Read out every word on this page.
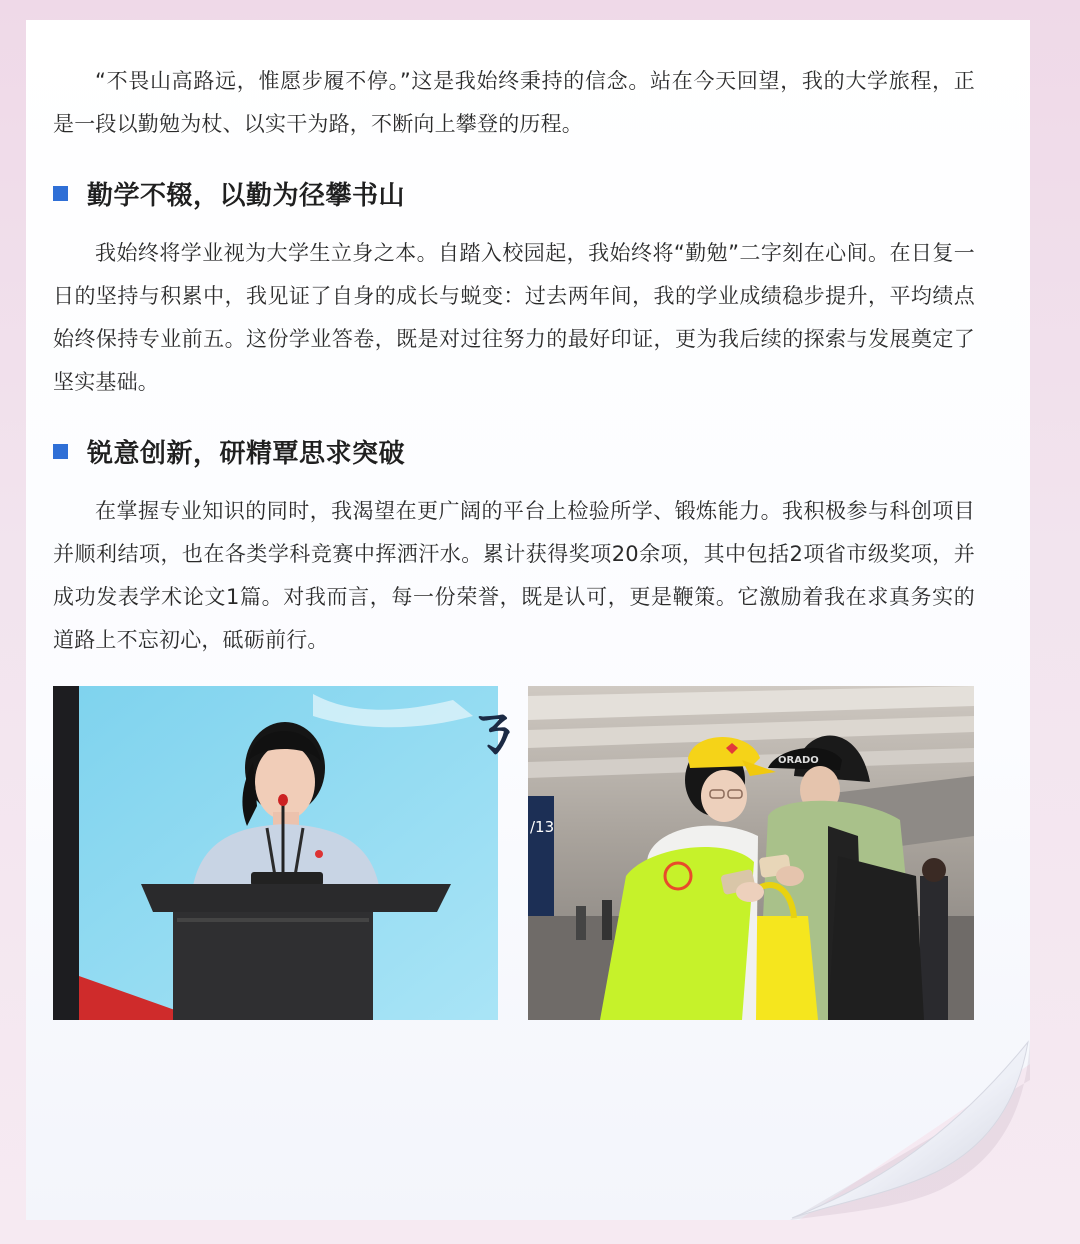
“不畏山高路远，惟愿步履不停。”这是我始终秉持的信念。站在今天回望，我的大学旅程，正是一段以勤勉为杖、以实干为路，不断向上攀登的历程。

勤学不辍，以勤为径攀书山

我始终将学业视为大学生立身之本。自踏入校园起，我始终将“勤勉”二字刻在心间。在日复一日的坚持与积累中，我见证了自身的成长与蜕变：过去两年间，我的学业成绩稳步提升，平均绩点始终保持专业前五。这份学业答卷，既是对过往努力的最好印证，更为我后续的探索与发展奠定了坚实基础。

锐意创新，研精覃思求突破

在掌握专业知识的同时，我渴望在更广阔的平台上检验所学、锻炼能力。我积极参与科创项目并顺利结项，也在各类学科竞赛中挥洒汗水。累计获得奖项20余项，其中包括2项省市级奖项，并成功发表学术论文1篇。对我而言，每一份荣誉，既是认可，更是鞭策。它激励着我在求真务实的道路上不忘初心，砥砺前行。

ㄋ
/13
ORADO
